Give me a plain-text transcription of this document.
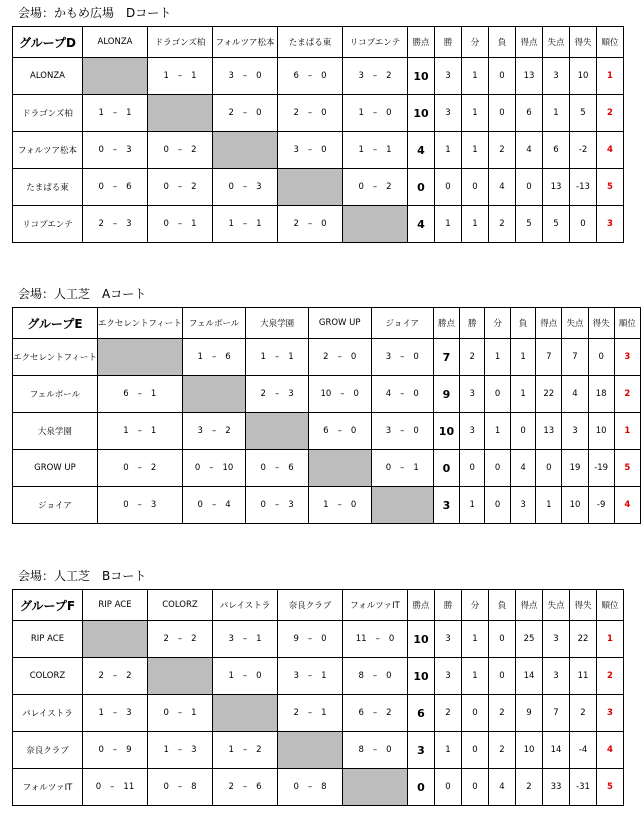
会場：かもめ広場　Dコート
グループD	ALONZA	ドラゴンズ柏	フォルツア松本	たまぱる東	リコブエンテ	勝点	勝	分	負	得点	失点	得失	順位
ALONZA		1 – 1	3 – 0	6 – 0	3 – 2	10	3	1	0	13	3	10	1
ドラゴンズ柏	1 – 1		2 – 0	2 – 0	1 – 0	10	3	1	0	6	1	5	2
フォルツア松本	0 – 3	0 – 2		3 – 0	1 – 1	4	1	1	2	4	6	-2	4
たまぱる東	0 – 6	0 – 2	0 – 3		0 – 2	0	0	0	4	0	13	-13	5
リコブエンテ	2 – 3	0 – 1	1 – 1	2 – 0		4	1	1	2	5	5	0	3
会場：人工芝　Aコート
グループE	エクセレントフィート	フェルボール	大泉学園	GROW UP	ジョイア	勝点	勝	分	負	得点	失点	得失	順位
エクセレントフィート		1 – 6	1 – 1	2 – 0	3 – 0	7	2	1	1	7	7	0	3
フェルボール	6 – 1		2 – 3	10 – 0	4 – 0	9	3	0	1	22	4	18	2
大泉学園	1 – 1	3 – 2		6 – 0	3 – 0	10	3	1	0	13	3	10	1
GROW UP	0 – 2	0 – 10	0 – 6		0 – 1	0	0	0	4	0	19	-19	5
ジョイア	0 – 3	0 – 4	0 – 3	1 – 0		3	1	0	3	1	10	-9	4
会場：人工芝　Bコート
グループF	RIP ACE	COLORZ	パレイストラ	奈良クラブ	フォルツァIT	勝点	勝	分	負	得点	失点	得失	順位
RIP ACE		2 – 2	3 – 1	9 – 0	11 – 0	10	3	1	0	25	3	22	1
COLORZ	2 – 2		1 – 0	3 – 1	8 – 0	10	3	1	0	14	3	11	2
パレイストラ	1 – 3	0 – 1		2 – 1	6 – 2	6	2	0	2	9	7	2	3
奈良クラブ	0 – 9	1 – 3	1 – 2		8 – 0	3	1	0	2	10	14	-4	4
フォルツァIT	0 – 11	0 – 8	2 – 6	0 – 8		0	0	0	4	2	33	-31	5
